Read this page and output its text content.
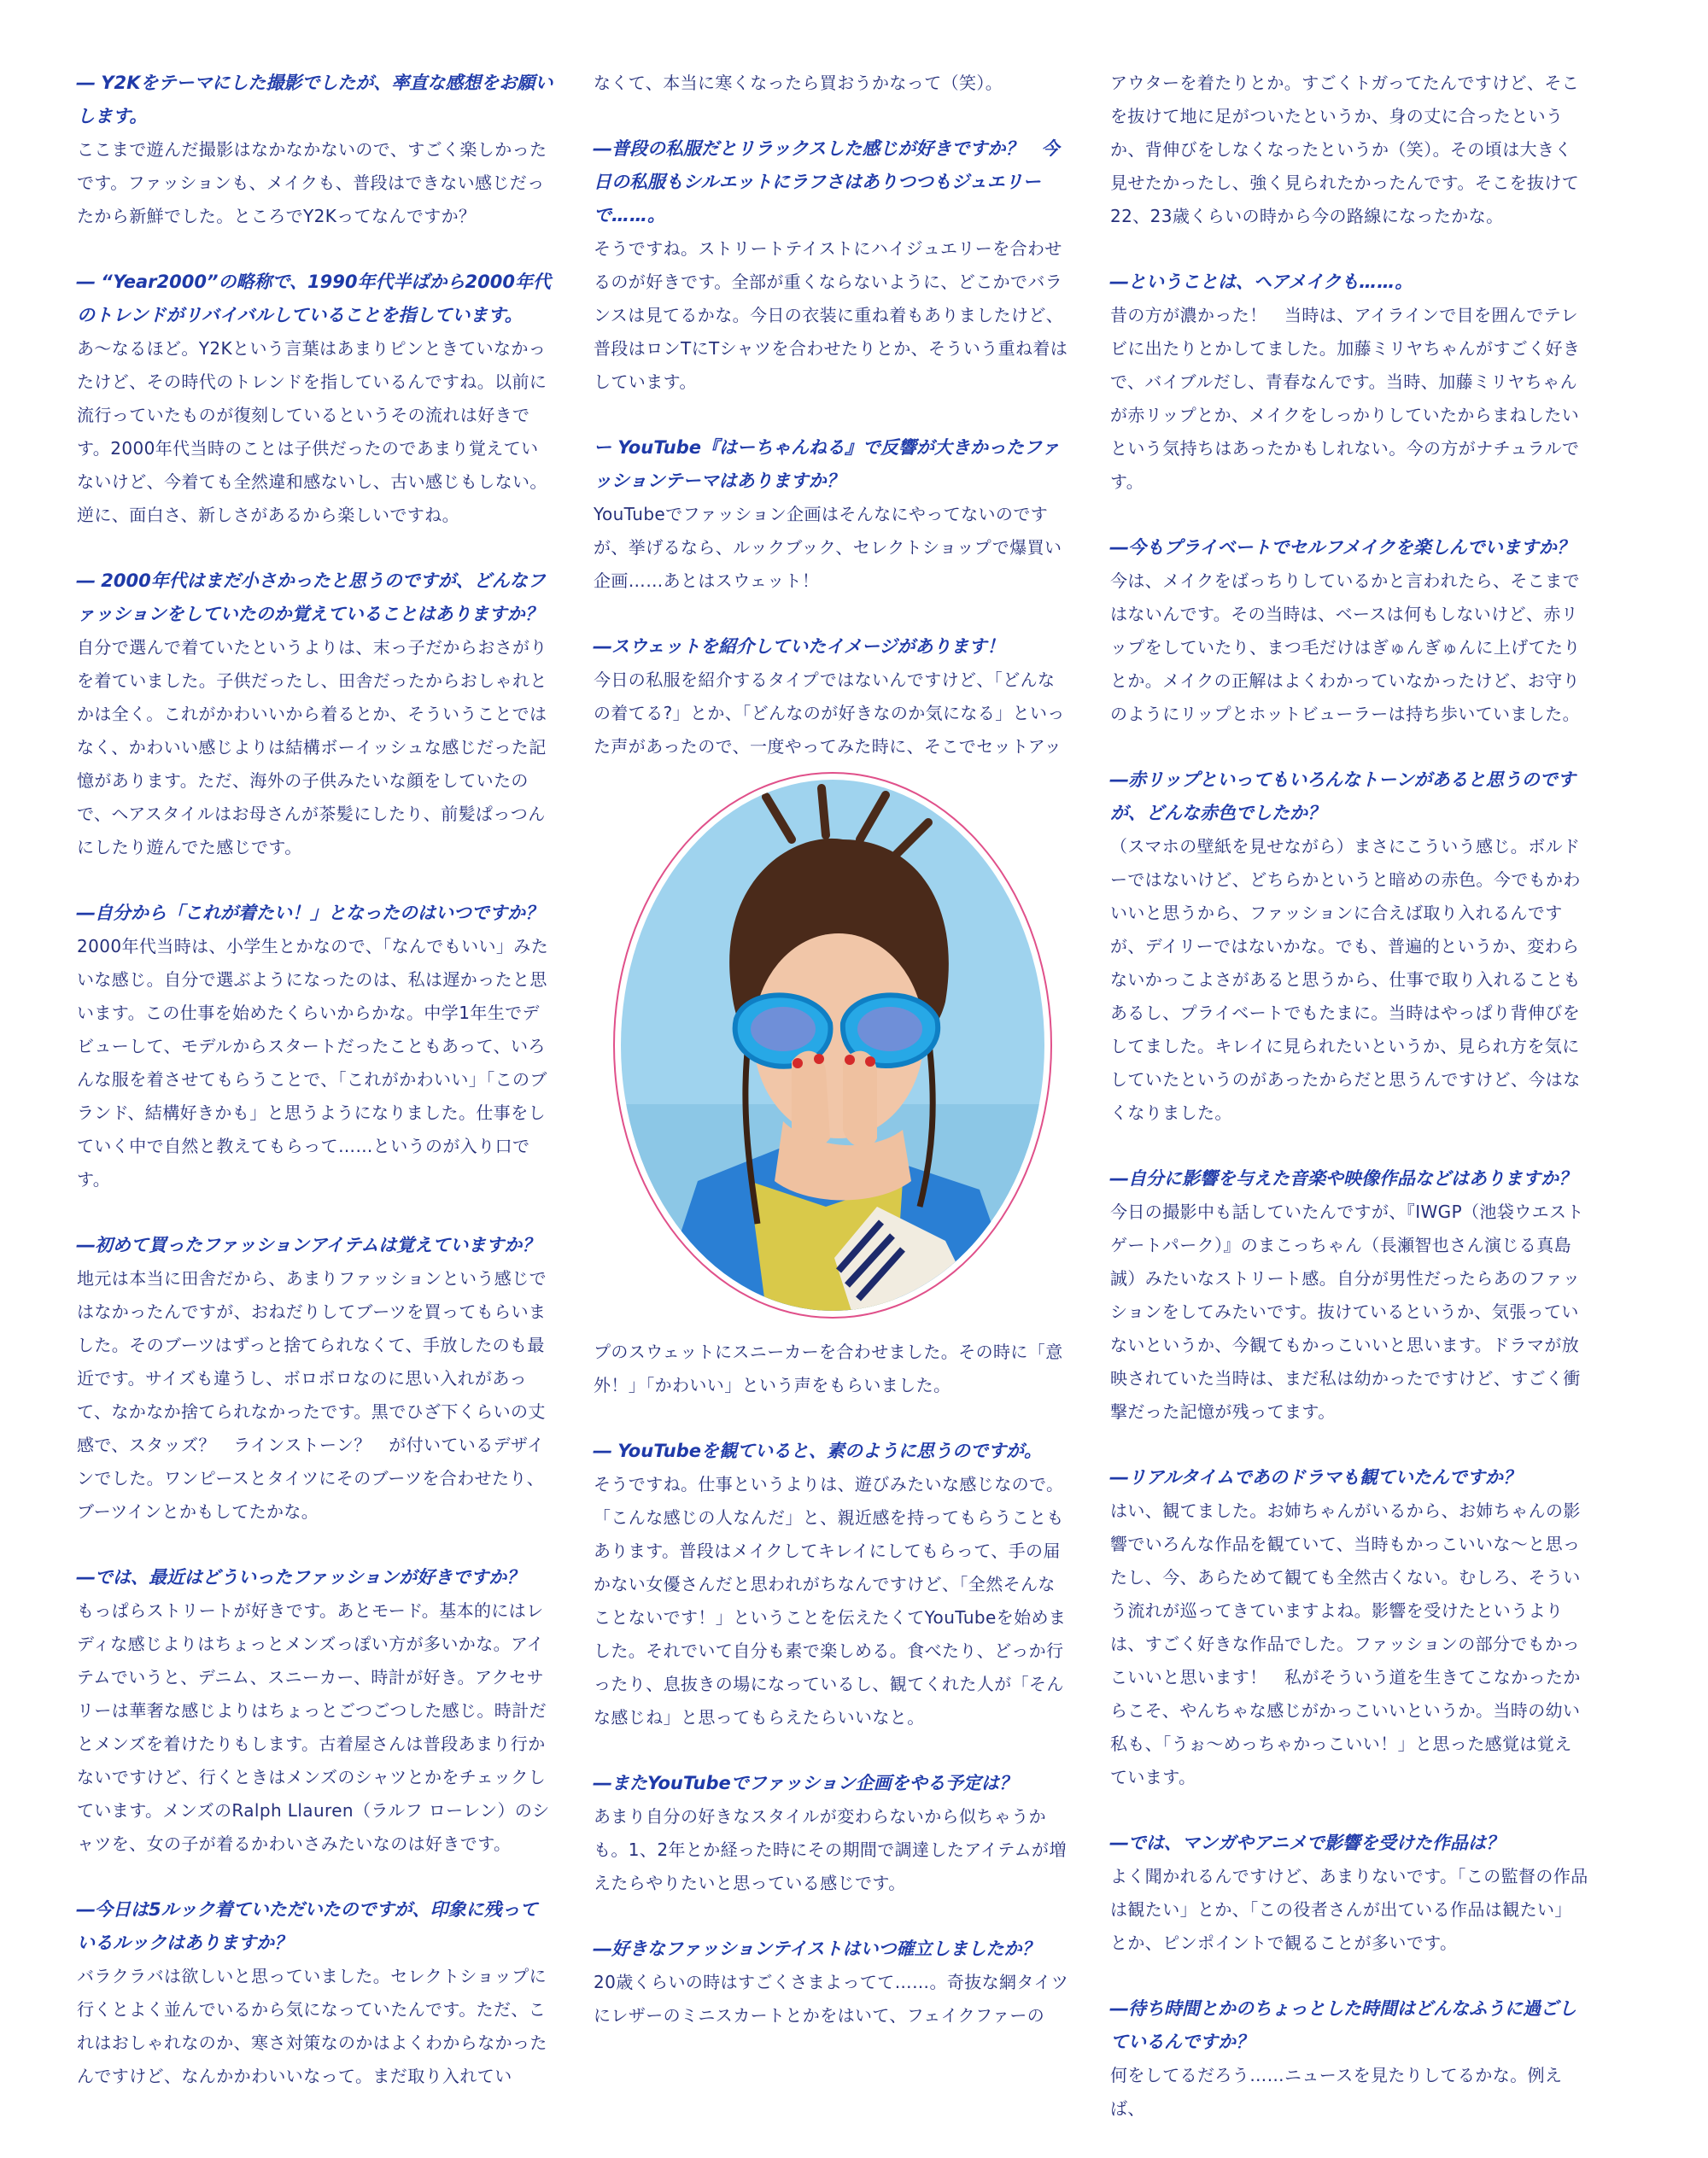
― Y2Kをテーマにした撮影でしたが、率直な感想をお願いします。

ここまで遊んだ撮影はなかなかないので、すごく楽しかったです。ファッションも、メイクも、普段はできない感じだったから新鮮でした。ところでY2Kってなんですか？

― “Year2000”の略称で、1990年代半ばから2000年代のトレンドがリバイバルしていることを指しています。

あ〜なるほど。Y2Kという言葉はあまりピンときていなかったけど、その時代のトレンドを指しているんですね。以前に流行っていたものが復刻しているというその流れは好きです。2000年代当時のことは子供だったのであまり覚えていないけど、今着ても全然違和感ないし、古い感じもしない。逆に、面白さ、新しさがあるから楽しいですね。

― 2000年代はまだ小さかったと思うのですが、どんなファッションをしていたのか覚えていることはありますか？

自分で選んで着ていたというよりは、末っ子だからおさがりを着ていました。子供だったし、田舎だったからおしゃれとかは全く。これがかわいいから着るとか、そういうことではなく、かわいい感じよりは結構ボーイッシュな感じだった記憶があります。ただ、海外の子供みたいな顔をしていたので、ヘアスタイルはお母さんが茶髪にしたり、前髪ぱっつんにしたり遊んでた感じです。

―自分から「これが着たい！」となったのはいつですか？

2000年代当時は、小学生とかなので、「なんでもいい」みたいな感じ。自分で選ぶようになったのは、私は遅かったと思います。この仕事を始めたくらいからかな。中学1年生でデビューして、モデルからスタートだったこともあって、いろんな服を着させてもらうことで、「これがかわいい」「このブランド、結構好きかも」と思うようになりました。仕事をしていく中で自然と教えてもらって……というのが入り口です。

―初めて買ったファッションアイテムは覚えていますか？

地元は本当に田舎だから、あまりファッションという感じではなかったんですが、おねだりしてブーツを買ってもらいました。そのブーツはずっと捨てられなくて、手放したのも最近です。サイズも違うし、ボロボロなのに思い入れがあって、なかなか捨てられなかったです。黒でひざ下くらいの丈感で、スタッズ？　ラインストーン？　が付いているデザインでした。ワンピースとタイツにそのブーツを合わせたり、ブーツインとかもしてたかな。

―では、最近はどういったファッションが好きですか？

もっぱらストリートが好きです。あとモード。基本的にはレディな感じよりはちょっとメンズっぽい方が多いかな。アイテムでいうと、デニム、スニーカー、時計が好き。アクセサリーは華奢な感じよりはちょっとごつごつした感じ。時計だとメンズを着けたりもします。古着屋さんは普段あまり行かないですけど、行くときはメンズのシャツとかをチェックしています。メンズのRalph Llauren（ラルフ ローレン）のシャツを、女の子が着るかわいさみたいなのは好きです。

―今日は5ルック着ていただいたのですが、印象に残っているルックはありますか？

バラクラバは欲しいと思っていました。セレクトショップに行くとよく並んでいるから気になっていたんです。ただ、これはおしゃれなのか、寒さ対策なのかはよくわからなかったんですけど、なんかかわいいなって。まだ取り入れてい

なくて、本当に寒くなったら買おうかなって（笑）。

―普段の私服だとリラックスした感じが好きですか？　今日の私服もシルエットにラフさはありつつもジュエリーで……。

そうですね。ストリートテイストにハイジュエリーを合わせるのが好きです。全部が重くならないように、どこかでバランスは見てるかな。今日の衣装に重ね着もありましたけど、普段はロンTにTシャツを合わせたりとか、そういう重ね着はしています。

ー YouTube『はーちゃんねる』で反響が大きかったファッションテーマはありますか？

YouTubeでファッション企画はそんなにやってないのですが、挙げるなら、ルックブック、セレクトショップで爆買い企画……あとはスウェット！

―スウェットを紹介していたイメージがあります！

今日の私服を紹介するタイプではないんですけど、「どんなの着てる?」とか、「どんなのが好きなのか気になる」といった声があったので、一度やってみた時に、そこでセットアッ

プのスウェットにスニーカーを合わせました。その時に「意外！」「かわいい」という声をもらいました。

― YouTubeを観ていると、素のように思うのですが。

そうですね。仕事というよりは、遊びみたいな感じなので。「こんな感じの人なんだ」と、親近感を持ってもらうこともあります。普段はメイクしてキレイにしてもらって、手の届かない女優さんだと思われがちなんですけど、「全然そんなことないです！」ということを伝えたくてYouTubeを始めました。それでいて自分も素で楽しめる。食べたり、どっか行ったり、息抜きの場になっているし、観てくれた人が「そんな感じね」と思ってもらえたらいいなと。

―またYouTubeでファッション企画をやる予定は？

あまり自分の好きなスタイルが変わらないから似ちゃうかも。1、2年とか経った時にその期間で調達したアイテムが増えたらやりたいと思っている感じです。

―好きなファッションテイストはいつ確立しましたか？

20歳くらいの時はすごくさまよってて……。奇抜な網タイツにレザーのミニスカートとかをはいて、フェイクファーの

アウターを着たりとか。すごくトガってたんですけど、そこを抜けて地に足がついたというか、身の丈に合ったというか、背伸びをしなくなったというか（笑）。その頃は大きく見せたかったし、強く見られたかったんです。そこを抜けて22、23歳くらいの時から今の路線になったかな。

―ということは、ヘアメイクも……。

昔の方が濃かった！　当時は、アイラインで目を囲んでテレビに出たりとかしてました。加藤ミリヤちゃんがすごく好きで、バイブルだし、青春なんです。当時、加藤ミリヤちゃんが赤リップとか、メイクをしっかりしていたからまねしたいという気持ちはあったかもしれない。今の方がナチュラルです。

―今もプライベートでセルフメイクを楽しんでいますか？

今は、メイクをばっちりしているかと言われたら、そこまではないんです。その当時は、ベースは何もしないけど、赤リップをしていたり、まつ毛だけはぎゅんぎゅんに上げてたりとか。メイクの正解はよくわかっていなかったけど、お守りのようにリップとホットビューラーは持ち歩いていました。

―赤リップといってもいろんなトーンがあると思うのですが、どんな赤色でしたか？

（スマホの壁紙を見せながら）まさにこういう感じ。ボルドーではないけど、どちらかというと暗めの赤色。今でもかわいいと思うから、ファッションに合えば取り入れるんですが、デイリーではないかな。でも、普遍的というか、変わらないかっこよさがあると思うから、仕事で取り入れることもあるし、プライベートでもたまに。当時はやっぱり背伸びをしてました。キレイに見られたいというか、見られ方を気にしていたというのがあったからだと思うんですけど、今はなくなりました。

―自分に影響を与えた音楽や映像作品などはありますか？

今日の撮影中も話していたんですが、『IWGP（池袋ウエストゲートパーク）』のまこっちゃん（長瀬智也さん演じる真島誠）みたいなストリート感。自分が男性だったらあのファッションをしてみたいです。抜けているというか、気張っていないというか、今観てもかっこいいと思います。ドラマが放映されていた当時は、まだ私は幼かったですけど、すごく衝撃だった記憶が残ってます。

―リアルタイムであのドラマも観ていたんですか？

はい、観てました。お姉ちゃんがいるから、お姉ちゃんの影響でいろんな作品を観ていて、当時もかっこいいな〜と思ったし、今、あらためて観ても全然古くない。むしろ、そういう流れが巡ってきていますよね。影響を受けたというよりは、すごく好きな作品でした。ファッションの部分でもかっこいいと思います！　私がそういう道を生きてこなかったからこそ、やんちゃな感じがかっこいいというか。当時の幼い私も、「うぉ〜めっちゃかっこいい！」と思った感覚は覚えています。

―では、マンガやアニメで影響を受けた作品は？

よく聞かれるんですけど、あまりないです。「この監督の作品は観たい」とか、「この役者さんが出ている作品は観たい」とか、ピンポイントで観ることが多いです。

―待ち時間とかのちょっとした時間はどんなふうに過ごしているんですか？

何をしてるだろう……ニュースを見たりしてるかな。例えば、
